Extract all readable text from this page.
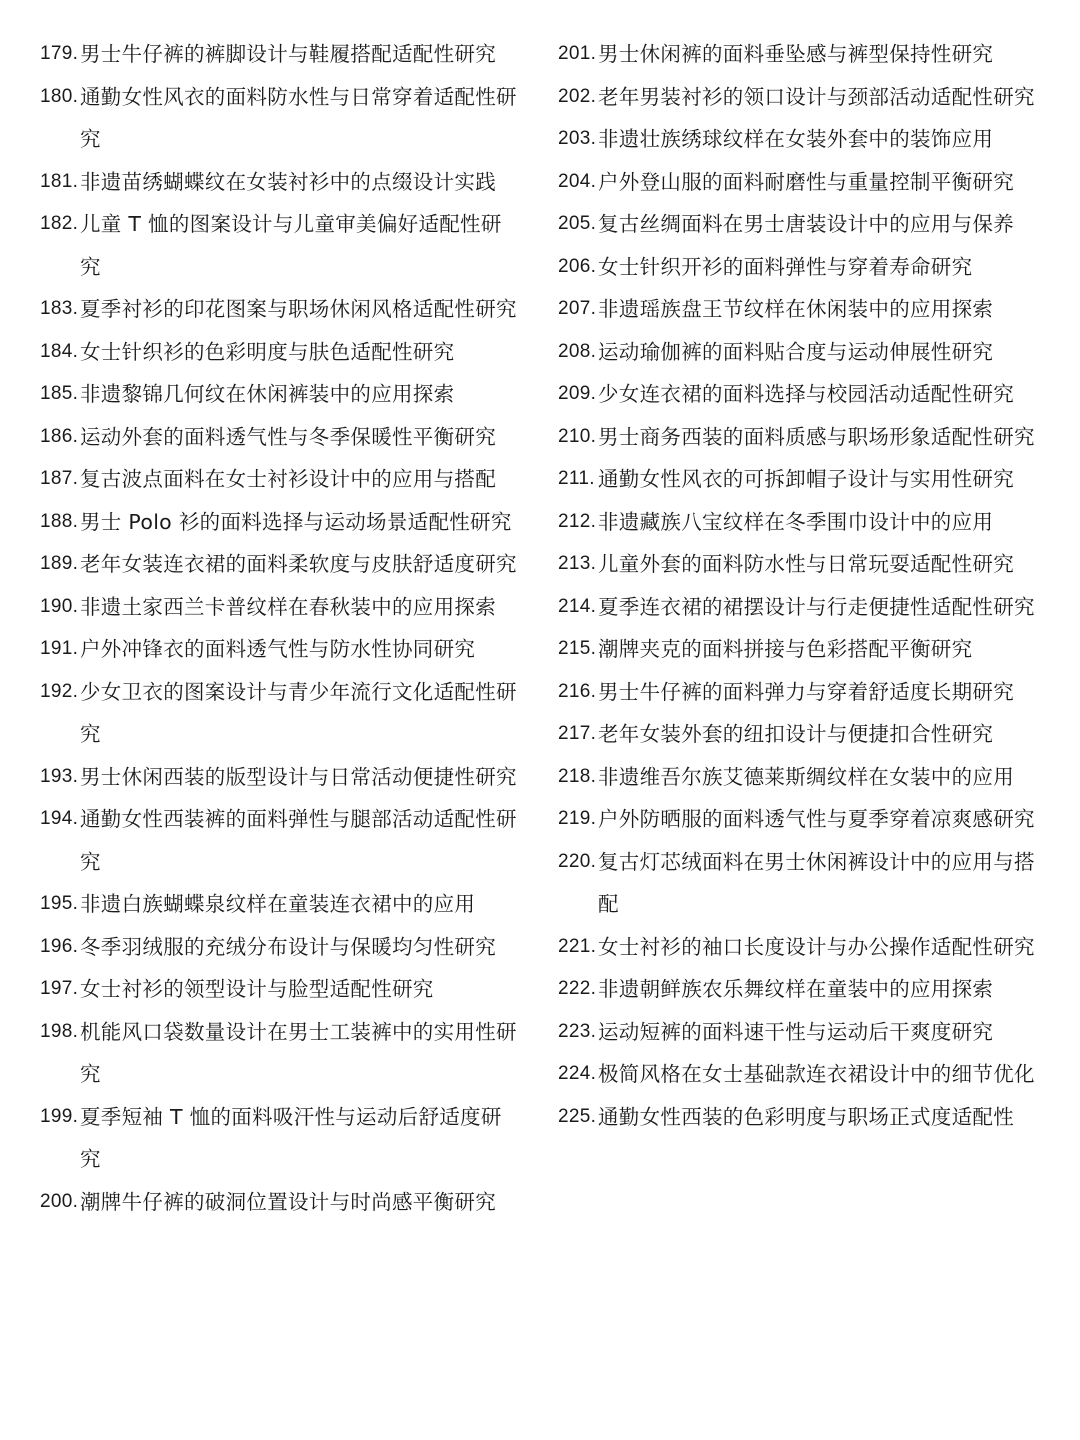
179. 男士牛仔裤的裤脚设计与鞋履搭配适配性研究
180. 通勤女性风衣的面料防水性与日常穿着适配性研究
181. 非遗苗绣蝴蝶纹在女装衬衫中的点缀设计实践
182. 儿童 T 恤的图案设计与儿童审美偏好适配性研究
183. 夏季衬衫的印花图案与职场休闲风格适配性研究
184. 女士针织衫的色彩明度与肤色适配性研究
185. 非遗黎锦几何纹在休闲裤装中的应用探索
186. 运动外套的面料透气性与冬季保暖性平衡研究
187. 复古波点面料在女士衬衫设计中的应用与搭配
188. 男士 Polo 衫的面料选择与运动场景适配性研究
189. 老年女装连衣裙的面料柔软度与皮肤舒适度研究
190. 非遗土家西兰卡普纹样在春秋装中的应用探索
191. 户外冲锋衣的面料透气性与防水性协同研究
192. 少女卫衣的图案设计与青少年流行文化适配性研究
193. 男士休闲西装的版型设计与日常活动便捷性研究
194. 通勤女性西装裤的面料弹性与腿部活动适配性研究
195. 非遗白族蝴蝶泉纹样在童装连衣裙中的应用
196. 冬季羽绒服的充绒分布设计与保暖均匀性研究
197. 女士衬衫的领型设计与脸型适配性研究
198. 机能风口袋数量设计在男士工装裤中的实用性研究
199. 夏季短袖 T 恤的面料吸汗性与运动后舒适度研究
200. 潮牌牛仔裤的破洞位置设计与时尚感平衡研究
201. 男士休闲裤的面料垂坠感与裤型保持性研究
202. 老年男装衬衫的领口设计与颈部活动适配性研究
203. 非遗壮族绣球纹样在女装外套中的装饰应用
204. 户外登山服的面料耐磨性与重量控制平衡研究
205. 复古丝绸面料在男士唐装设计中的应用与保养
206. 女士针织开衫的面料弹性与穿着寿命研究
207. 非遗瑶族盘王节纹样在休闲装中的应用探索
208. 运动瑜伽裤的面料贴合度与运动伸展性研究
209. 少女连衣裙的面料选择与校园活动适配性研究
210. 男士商务西装的面料质感与职场形象适配性研究
211. 通勤女性风衣的可拆卸帽子设计与实用性研究
212. 非遗藏族八宝纹样在冬季围巾设计中的应用
213. 儿童外套的面料防水性与日常玩耍适配性研究
214. 夏季连衣裙的裙摆设计与行走便捷性适配性研究
215. 潮牌夹克的面料拼接与色彩搭配平衡研究
216. 男士牛仔裤的面料弹力与穿着舒适度长期研究
217. 老年女装外套的纽扣设计与便捷扣合性研究
218. 非遗维吾尔族艾德莱斯绸纹样在女装中的应用
219. 户外防晒服的面料透气性与夏季穿着凉爽感研究
220. 复古灯芯绒面料在男士休闲裤设计中的应用与搭配
221. 女士衬衫的袖口长度设计与办公操作适配性研究
222. 非遗朝鲜族农乐舞纹样在童装中的应用探索
223. 运动短裤的面料速干性与运动后干爽度研究
224. 极简风格在女士基础款连衣裙设计中的细节优化
225. 通勤女性西装的色彩明度与职场正式度适配性
